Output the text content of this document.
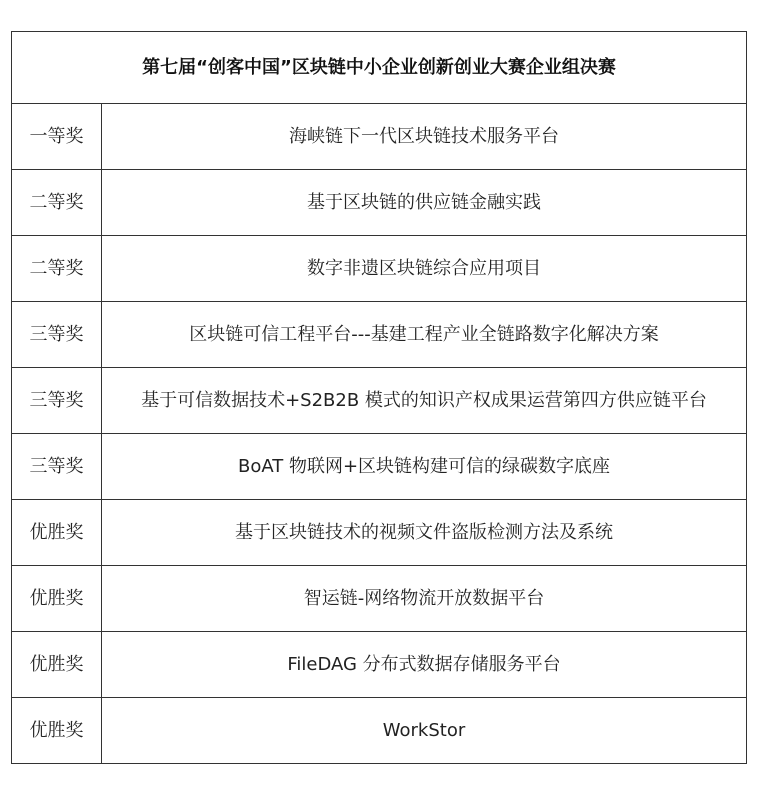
第七届“创客中国”区块链中小企业创新创业大赛企业组决赛	
一等奖	海峡链下一代区块链技术服务平台
二等奖	基于区块链的供应链金融实践
二等奖	数字非遗区块链综合应用项目
三等奖	区块链可信工程平台---基建工程产业全链路数字化解决方案
三等奖	基于可信数据技术+S2B2B 模式的知识产权成果运营第四方供应链平台
三等奖	BoAT 物联网+区块链构建可信的绿碳数字底座
优胜奖	基于区块链技术的视频文件盗版检测方法及系统
优胜奖	智运链-网络物流开放数据平台
优胜奖	FileDAG 分布式数据存储服务平台
优胜奖	WorkStor
